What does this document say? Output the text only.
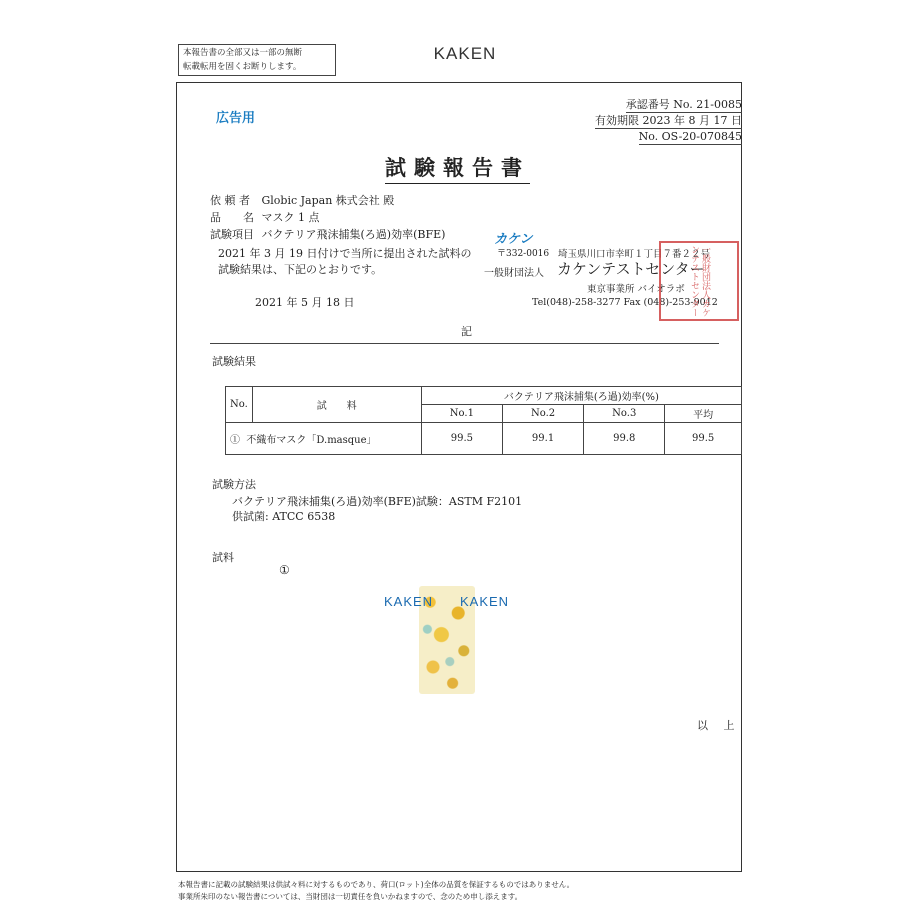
本報告書の全部又は一部の無断
転載転用を固くお断りします。
KAKEN
広告用
承認番号 No. 21-0085
有効期限 2023 年 8 月 17 日
No. OS-20-070845
試験報告書
依 頼 者 Globic Japan 株式会社 殿
品　　名 マスク 1 点
試験項目 バクテリア飛沫捕集(ろ過)効率(BFE)
2021 年 3 月 19 日付けで当所に提出された試料の
試験結果は、下記のとおりです。
2021 年 5 月 18 日
カケン
〒332-0016 埼玉県川口市幸町１丁目７番２２号
一般財団法人 カケンテストセンター
東京事業所 バイオラボ
Tel(048)-258-3277 Fax (048)-253-9012
一般財団法人カケンテストセンター
記
試験結果
No.	試　　料	バクテリア飛沫捕集(ろ過)効率(%)			
		No.1	No.2	No.3	平均
① 不織布マスク「D.masque」		99.5	99.1	99.8	99.5
試験方法
バクテリア飛沫捕集(ろ過)効率(BFE)試験：ASTM F2101
供試菌: ATCC 6538
試料
①
KAKEN KAKEN
以 上
本報告書に記載の試験結果は供試々料に対するものであり、荷口(ロット)全体の品質を保証するものではありません。
事業所朱印のない報告書については、当財団は一切責任を負いかねますので、念のため申し添えます。
